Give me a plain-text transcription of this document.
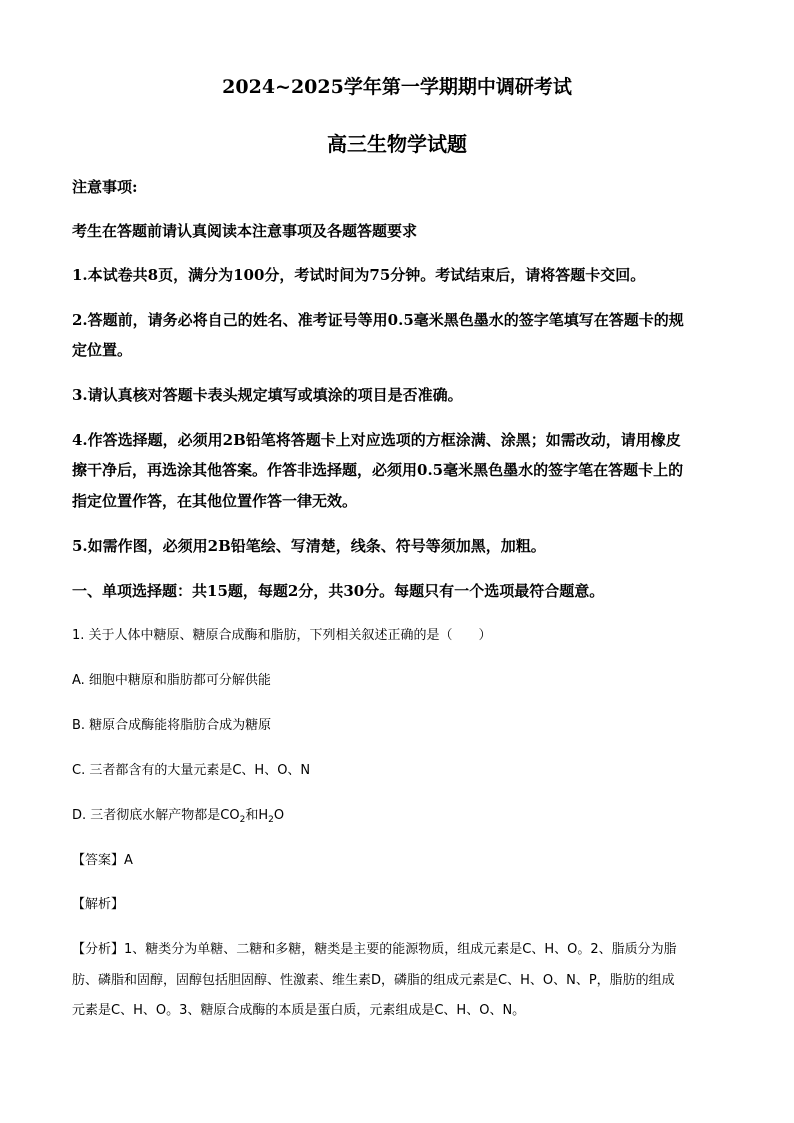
2024~2025学年第一学期期中调研考试
高三生物学试题
注意事项:
考生在答题前请认真阅读本注意事项及各题答题要求
1.本试卷共8页，满分为100分，考试时间为75分钟。考试结束后，请将答题卡交回。
2.答题前，请务必将自己的姓名、准考证号等用0.5毫米黑色墨水的签字笔填写在答题卡的规
定位置。
3.请认真核对答题卡表头规定填写或填涂的项目是否准确。
4.作答选择题，必须用2B铅笔将答题卡上对应选项的方框涂满、涂黑；如需改动，请用橡皮
擦干净后，再选涂其他答案。作答非选择题，必须用0.5毫米黑色墨水的签字笔在答题卡上的
指定位置作答，在其他位置作答一律无效。
5.如需作图，必须用2B铅笔绘、写清楚，线条、符号等须加黑，加粗。
一、单项选择题：共15题，每题2分，共30分。每题只有一个选项最符合题意。
1. 关于人体中糖原、糖原合成酶和脂肪，下列相关叙述正确的是（　　）
A. 细胞中糖原和脂肪都可分解供能
B. 糖原合成酶能将脂肪合成为糖原
C. 三者都含有的大量元素是C、H、O、N
D. 三者彻底水解产物都是$CO_2$和$H_2O$
【答案】A
【解析】
【分析】1、糖类分为单糖、二糖和多糖，糖类是主要的能源物质，组成元素是C、H、O。2、脂质分为脂
肪、磷脂和固醇，固醇包括胆固醇、性激素、维生素D，磷脂的组成元素是C、H、O、N、P，脂肪的组成
元素是C、H、O。3、糖原合成酶的本质是蛋白质，元素组成是C、H、O、N。
